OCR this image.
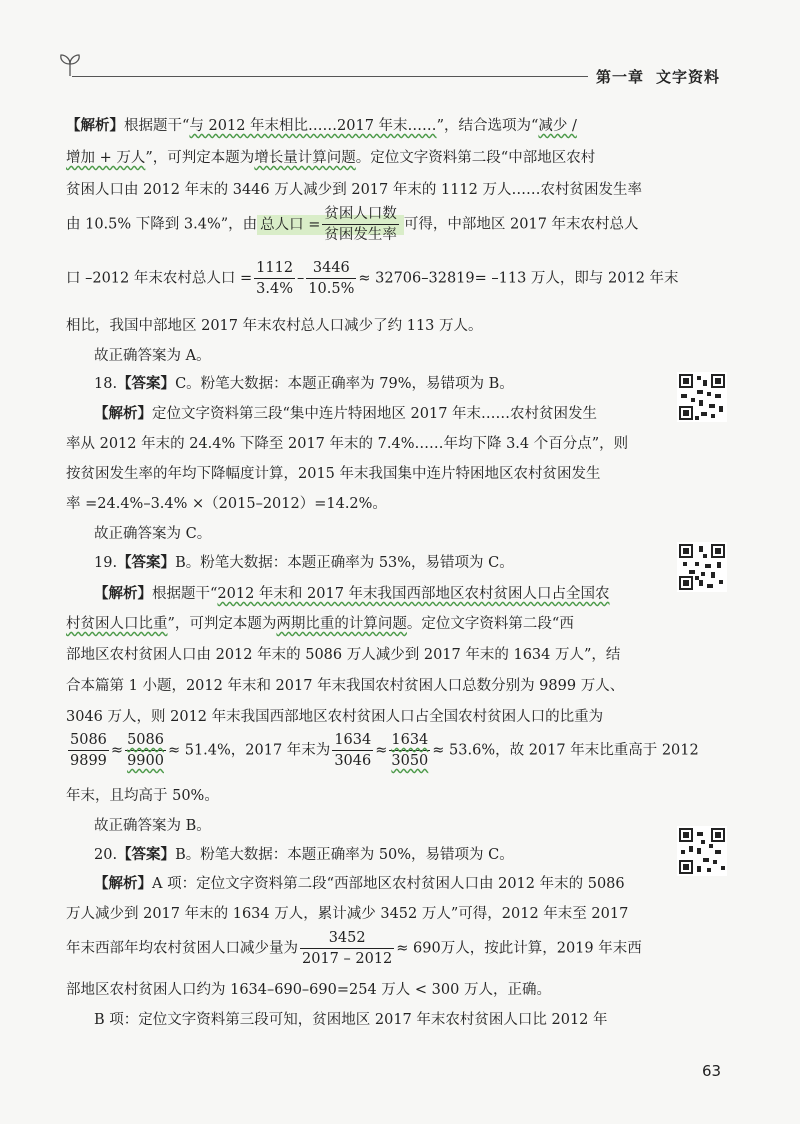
第一章 文字资料
【解析】根据题干“与 2012 年末相比……2017 年末……”，结合选项为“减少 /
增加 + 万人”，可判定本题为增长量计算问题。定位文字资料第二段“中部地区农村
贫困人口由 2012 年末的 3446 万人减少到 2017 年末的 1112 万人……农村贫困发生率
由 10.5% 下降到 3.4%”，由 总人口 = $\frac{\text{贫困人口数}}{\text{贫困发生率}}$ 可得，中部地区 2017 年末农村总人
口 –2012 年末农村总人口 = $\frac{1112}{3.4\%} - \frac{3446}{10.5\%} \approx 32706-32819= -113$ 万人，即与 2012 年末
相比，我国中部地区 2017 年末农村总人口减少了约 113 万人。
故正确答案为 A。
18.【答案】C。粉笔大数据：本题正确率为 79%，易错项为 B。
【解析】定位文字资料第三段“集中连片特困地区 2017 年末……农村贫困发生
率从 2012 年末的 24.4% 下降至 2017 年末的 7.4%……年均下降 3.4 个百分点”，则
按贫困发生率的年均下降幅度计算，2015 年末我国集中连片特困地区农村贫困发生
率 =24.4%–3.4% ×（2015–2012）=14.2%。
故正确答案为 C。
19.【答案】B。粉笔大数据：本题正确率为 53%，易错项为 C。
【解析】根据题干“2012 年末和 2017 年末我国西部地区农村贫困人口占全国农
村贫困人口比重”，可判定本题为两期比重的计算问题。定位文字资料第二段“西
部地区农村贫困人口由 2012 年末的 5086 万人减少到 2017 年末的 1634 万人”，结
合本篇第 1 小题，2012 年末和 2017 年末我国农村贫困人口总数分别为 9899 万人、
3046 万人，则 2012 年末我国西部地区农村贫困人口占全国农村贫困人口的比重为
$\frac{5086}{9899} \approx \frac{5086}{9900} \approx 51.4\%$，2017 年末为 $\frac{1634}{3046} \approx \frac{1634}{3050} \approx 53.6\%$，故 2017 年末比重高于 2012
年末，且均高于 50%。
故正确答案为 B。
20.【答案】B。粉笔大数据：本题正确率为 50%，易错项为 C。
【解析】A 项：定位文字资料第二段“西部地区农村贫困人口由 2012 年末的 5086
万人减少到 2017 年末的 1634 万人，累计减少 3452 万人”可得，2012 年末至 2017
年末西部年均农村贫困人口减少量为 $\frac{3452}{2017 - 2012} \approx 690$万人，按此计算，2019 年末西
部地区农村贫困人口约为 1634–690–690=254 万人 < 300 万人，正确。
B 项：定位文字资料第三段可知，贫困地区 2017 年末农村贫困人口比 2012 年
63
